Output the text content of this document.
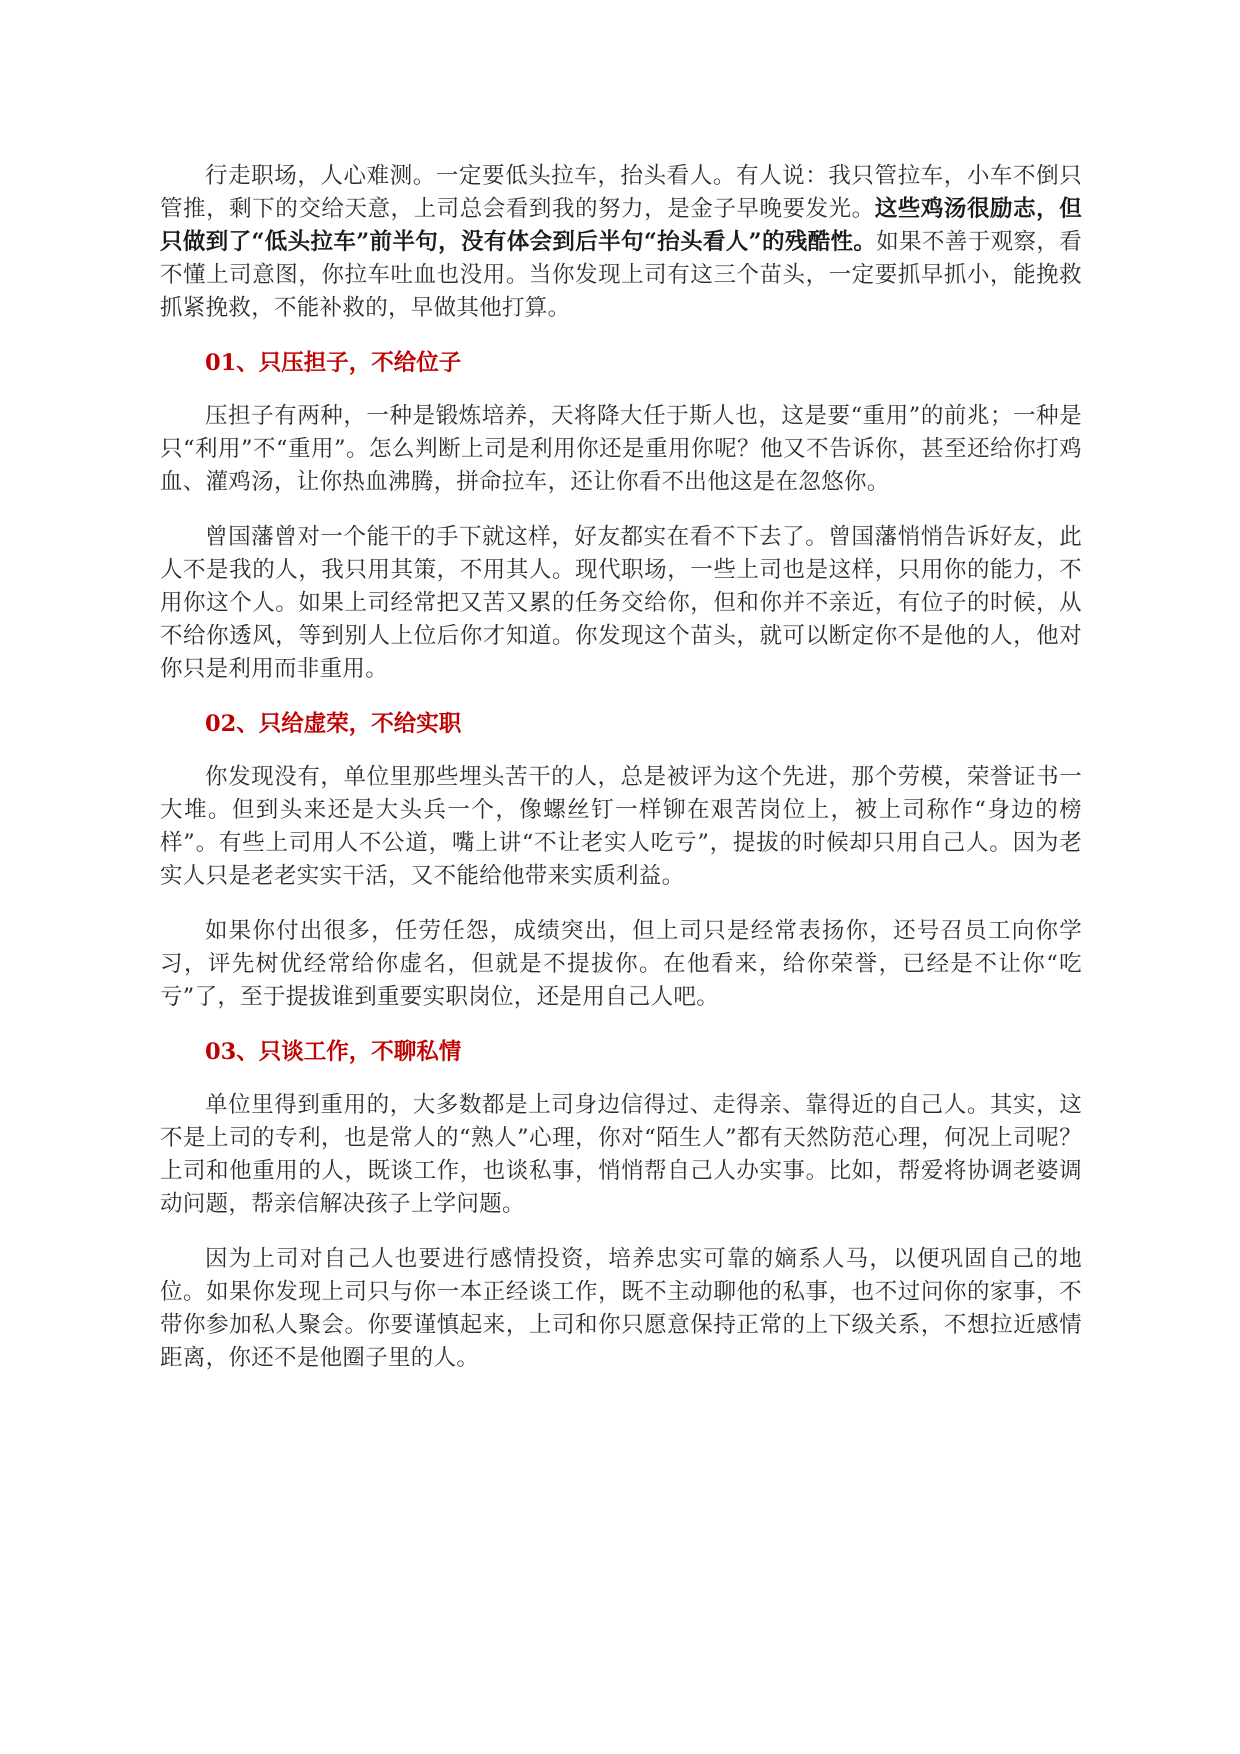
行走职场，人心难测。一定要低头拉车，抬头看人。有人说：我只管拉车，小车不倒只管推，剩下的交给天意，上司总会看到我的努力，是金子早晚要发光。这些鸡汤很励志，但只做到了“低头拉车”前半句，没有体会到后半句“抬头看人”的残酷性。如果不善于观察，看不懂上司意图，你拉车吐血也没用。当你发现上司有这三个苗头，一定要抓早抓小，能挽救抓紧挽救，不能补救的，早做其他打算。

01、只压担子，不给位子

压担子有两种，一种是锻炼培养，天将降大任于斯人也，这是要“重用”的前兆；一种是只“利用”不“重用”。怎么判断上司是利用你还是重用你呢？他又不告诉你，甚至还给你打鸡血、灌鸡汤，让你热血沸腾，拼命拉车，还让你看不出他这是在忽悠你。

曾国藩曾对一个能干的手下就这样，好友都实在看不下去了。曾国藩悄悄告诉好友，此人不是我的人，我只用其策，不用其人。现代职场，一些上司也是这样，只用你的能力，不用你这个人。如果上司经常把又苦又累的任务交给你，但和你并不亲近，有位子的时候，从不给你透风，等到别人上位后你才知道。你发现这个苗头，就可以断定你不是他的人，他对你只是利用而非重用。

02、只给虚荣，不给实职

你发现没有，单位里那些埋头苦干的人，总是被评为这个先进，那个劳模，荣誉证书一大堆。但到头来还是大头兵一个，像螺丝钉一样铆在艰苦岗位上，被上司称作“身边的榜样”。有些上司用人不公道，嘴上讲“不让老实人吃亏”，提拔的时候却只用自己人。因为老实人只是老老实实干活，又不能给他带来实质利益。

如果你付出很多，任劳任怨，成绩突出，但上司只是经常表扬你，还号召员工向你学习，评先树优经常给你虚名，但就是不提拔你。在他看来，给你荣誉，已经是不让你“吃亏”了，至于提拔谁到重要实职岗位，还是用自己人吧。

03、只谈工作，不聊私情

单位里得到重用的，大多数都是上司身边信得过、走得亲、靠得近的自己人。其实，这不是上司的专利，也是常人的“熟人”心理，你对“陌生人”都有天然防范心理，何况上司呢？上司和他重用的人，既谈工作，也谈私事，悄悄帮自己人办实事。比如，帮爱将协调老婆调动问题，帮亲信解决孩子上学问题。

因为上司对自己人也要进行感情投资，培养忠实可靠的嫡系人马，以便巩固自己的地位。如果你发现上司只与你一本正经谈工作，既不主动聊他的私事，也不过问你的家事，不带你参加私人聚会。你要谨慎起来，上司和你只愿意保持正常的上下级关系，不想拉近感情距离，你还不是他圈子里的人。
